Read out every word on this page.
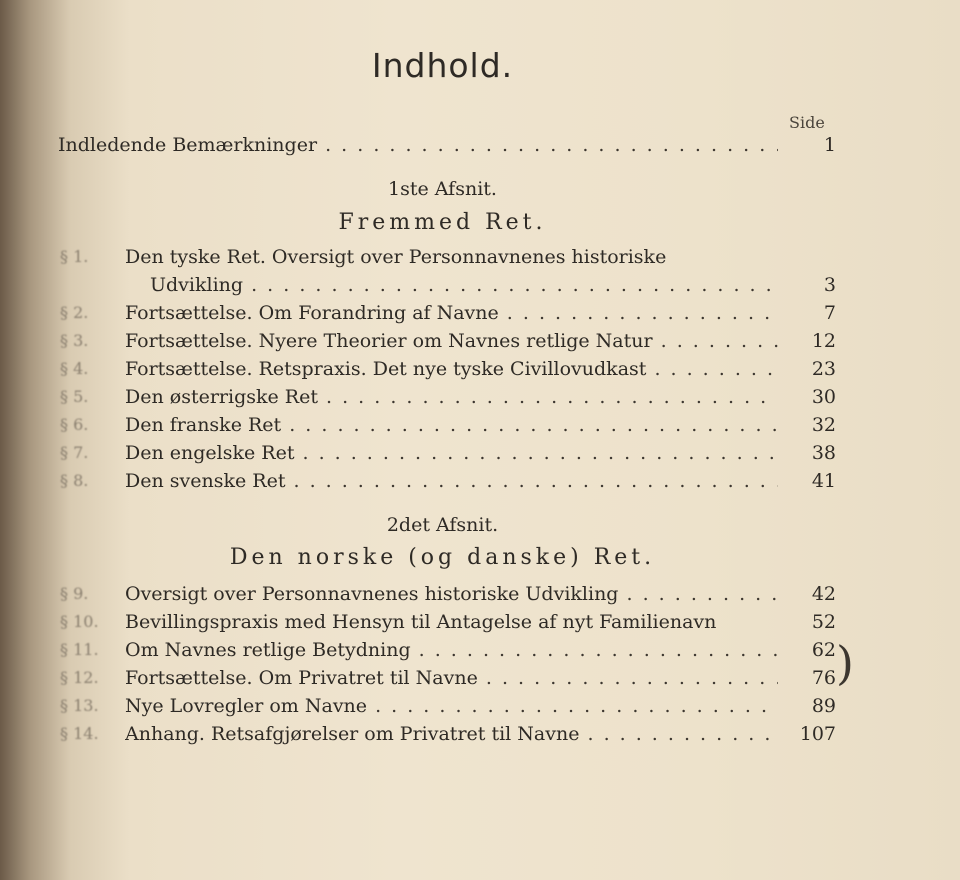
Indhold.
Side
Indledende Bemærkninger . . .	1
1ste Afsnit.
Fremmed Ret.
§ 1.	Den tyske Ret. Oversigt over Personnavnenes historiske
Udvikling . . .	3
§ 2.	Fortsættelse. Om Forandring af Navne . . .	7
§ 3.	Fortsættelse. Nyere Theorier om Navnes retlige Natur . . .	12
§ 4.	Fortsættelse. Retspraxis. Det nye tyske Civillovudkast . . .	23
§ 5.	Den østerrigske Ret . . .	30
§ 6.	Den franske Ret . . .	32
§ 7.	Den engelske Ret . . .	38
§ 8.	Den svenske Ret . . .	41
2det Afsnit.
Den norske (og danske) Ret.
§ 9.	Oversigt over Personnavnenes historiske Udvikling . . .	42
§ 10.	Bevillingspraxis med Hensyn til Antagelse af nyt Familienavn	52
§ 11.	Om Navnes retlige Betydning . . .	62
§ 12.	Fortsættelse. Om Privatret til Navne . . .	76
§ 13.	Nye Lovregler om Navne . . .	89
§ 14.	Anhang. Retsafgjørelser om Privatret til Navne . . .	107
)
